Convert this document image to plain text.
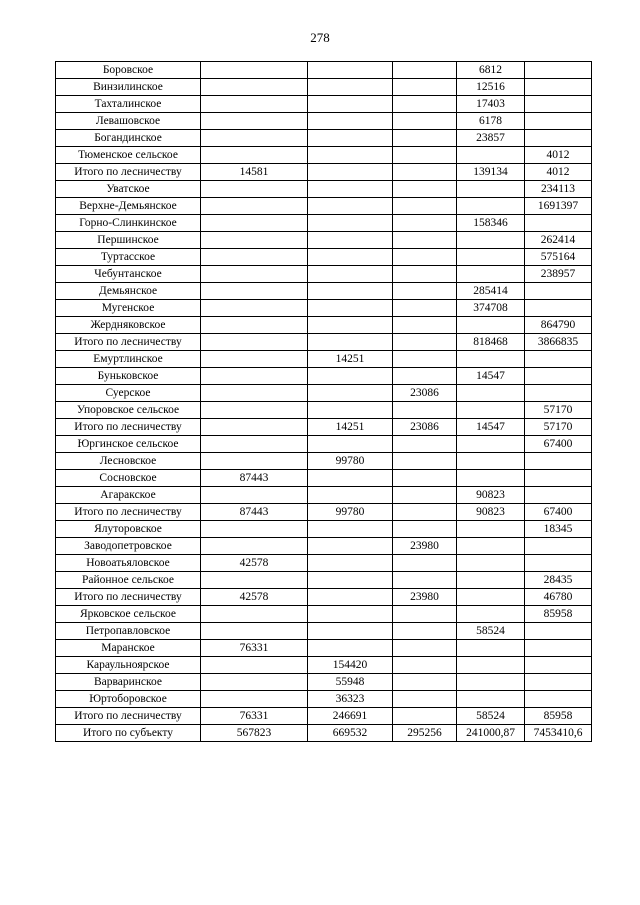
278
Боровское				6812	
Винзилинское				12516	
Тахталинское				17403	
Левашовское				6178	
Богандинское				23857	
Тюменское сельское					4012
Итого по лесничеству	14581			139134	4012
Уватское					234113
Верхне-Демьянское					1691397
Горно-Слинкинское				158346	
Першинское					262414
Туртасское					575164
Чебунтанское					238957
Демьянское				285414	
Мугенское				374708	
Жердняковское					864790
Итого по лесничеству				818468	3866835
Емуртлинское		14251			
Буньковское				14547	
Суерское			23086		
Упоровское сельское					57170
Итого по лесничеству		14251	23086	14547	57170
Юргинское сельское					67400
Лесновское		99780			
Сосновское	87443				
Агаракское				90823	
Итого по лесничеству	87443	99780		90823	67400
Ялуторовское					18345
Заводопетровское			23980		
Новоатьяловское	42578				
Районное сельское					28435
Итого по лесничеству	42578		23980		46780
Ярковское сельское					85958
Петропавловское				58524	
Маранское	76331				
Караульноярское		154420			
Варваринское		55948			
Юртоборовское		36323			
Итого по лесничеству	76331	246691		58524	85958
Итого по субъекту	567823	669532	295256	241000,87	7453410,6
